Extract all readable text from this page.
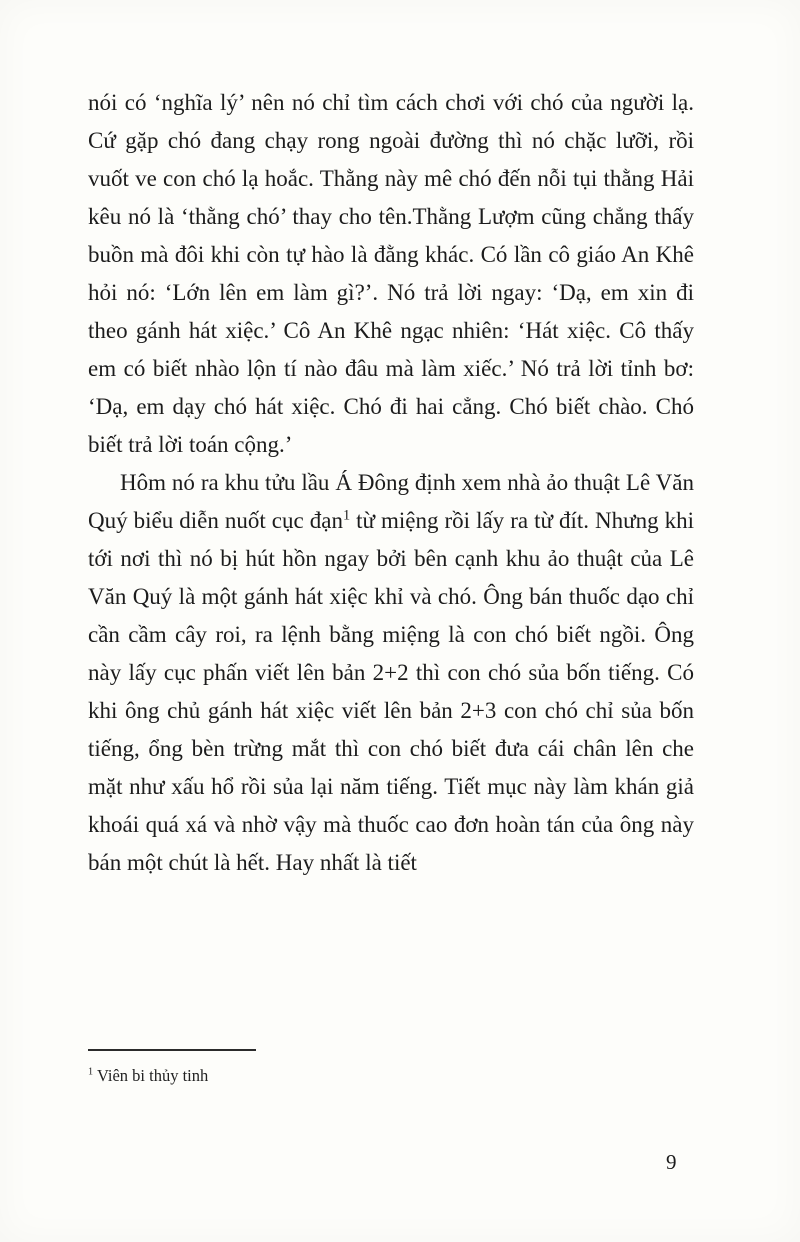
nói có ‘nghĩa lý’ nên nó chỉ tìm cách chơi với chó của người lạ. Cứ gặp chó đang chạy rong ngoài đường thì nó chặc lưỡi, rồi vuốt ve con chó lạ hoắc. Thằng này mê chó đến nỗi tụi thằng Hải kêu nó là ‘thằng chó’ thay cho tên.Thằng Lượm cũng chẳng thấy buồn mà đôi khi còn tự hào là đằng khác. Có lần cô giáo An Khê hỏi nó: ‘Lớn lên em làm gì?’. Nó trả lời ngay: ‘Dạ, em xin đi theo gánh hát xiệc.’ Cô An Khê ngạc nhiên: ‘Hát xiệc. Cô thấy em có biết nhào lộn tí nào đâu mà làm xiếc.’ Nó trả lời tỉnh bơ: ‘Dạ, em dạy chó hát xiệc. Chó đi hai cẳng. Chó biết chào. Chó biết trả lời toán cộng.’

Hôm nó ra khu tửu lầu Á Đông định xem nhà ảo thuật Lê Văn Quý biểu diễn nuốt cục đạn$^1$ từ miệng rồi lấy ra từ đít. Nhưng khi tới nơi thì nó bị hút hồn ngay bởi bên cạnh khu ảo thuật của Lê Văn Quý là một gánh hát xiệc khỉ và chó. Ông bán thuốc dạo chỉ cần cầm cây roi, ra lệnh bằng miệng là con chó biết ngồi. Ông này lấy cục phấn viết lên bản 2+2 thì con chó sủa bốn tiếng. Có khi ông chủ gánh hát xiệc viết lên bản 2+3 con chó chỉ sủa bốn tiếng, ổng bèn trừng mắt thì con chó biết đưa cái chân lên che mặt như xấu hổ rồi sủa lại năm tiếng. Tiết mục này làm khán giả khoái quá xá và nhờ vậy mà thuốc cao đơn hoàn tán của ông này bán một chút là hết. Hay nhất là tiết

$^1$ Viên bi thủy tinh
9
